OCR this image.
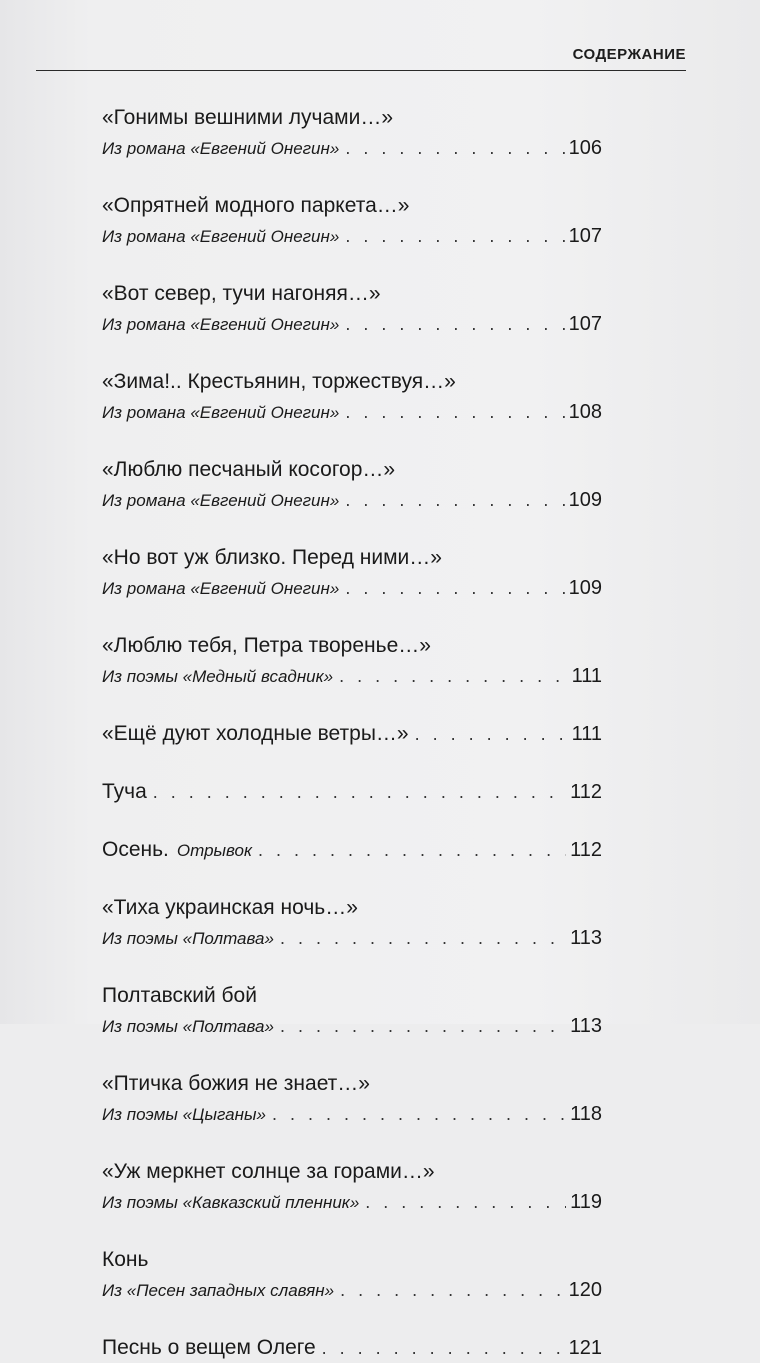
СОДЕРЖАНИЕ
«Гонимы вешними лучами…»
Из романа «Евгений Онегин» . . .	106
«Опрятней модного паркета…»
Из романа «Евгений Онегин» . . .	107
«Вот север, тучи нагоняя…»
Из романа «Евгений Онегин» . . .	107
«Зима!.. Крестьянин, торжествуя…»
Из романа «Евгений Онегин» . . .	108
«Люблю песчаный косогор…»
Из романа «Евгений Онегин» . . .	109
«Но вот уж близко. Перед ними…»
Из романа «Евгений Онегин» . . .	109
«Люблю тебя, Петра творенье…»
Из поэмы «Медный всадник» . . .	111
«Ещё дуют холодные ветры…» . . .	111
Туча . . .	112
Осень. Отрывок . . .	112
«Тиха украинская ночь…»
Из поэмы «Полтава» . . .	113
Полтавский бой
Из поэмы «Полтава» . . .	113
«Птичка божия не знает…»
Из поэмы «Цыганы» . . .	118
«Уж меркнет солнце за горами…»
Из поэмы «Кавказский пленник» . . .	119
Конь
Из «Песен западных славян» . . .	120
Песнь о вещем Олеге . . .	121
